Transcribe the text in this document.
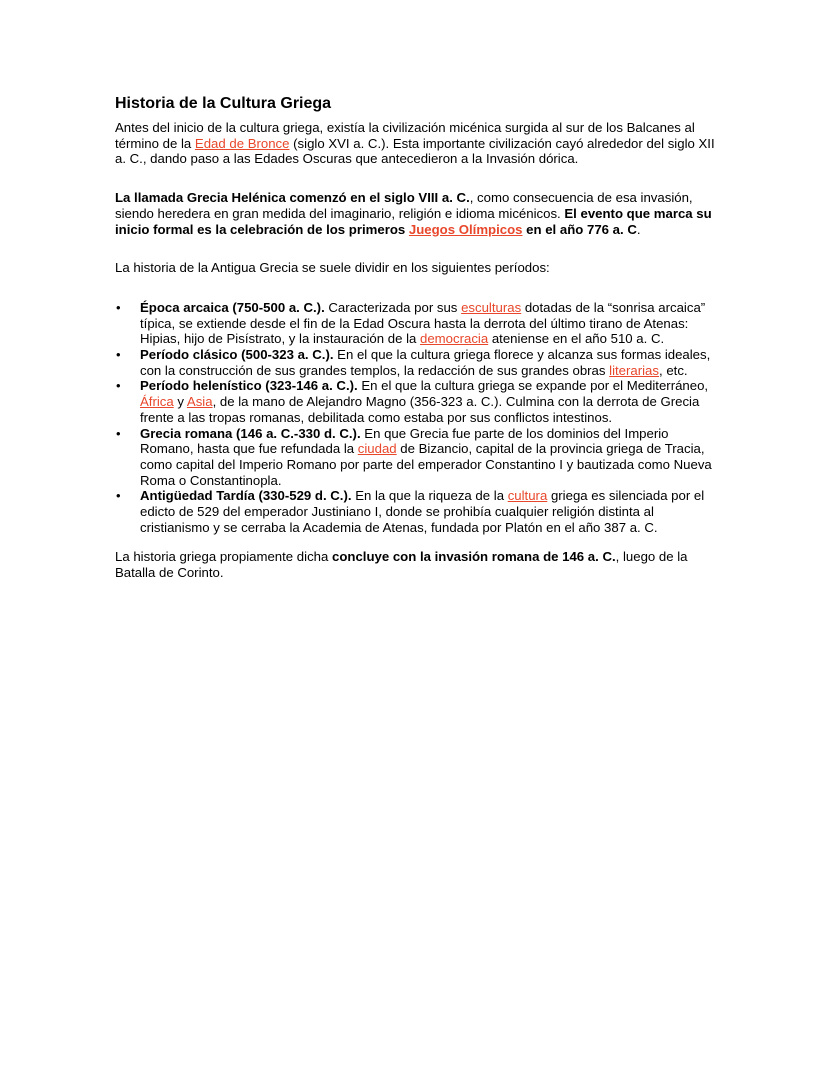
Historia de la Cultura Griega

Antes del inicio de la cultura griega, existía la civilización micénica surgida al sur de los Balcanes al término de la Edad de Bronce (siglo XVI a. C.). Esta importante civilización cayó alrededor del siglo XII a. C., dando paso a las Edades Oscuras que antecedieron a la Invasión dórica.

La llamada Grecia Helénica comenzó en el siglo VIII a. C., como consecuencia de esa invasión, siendo heredera en gran medida del imaginario, religión e idioma micénicos. El evento que marca su inicio formal es la celebración de los primeros Juegos Olímpicos en el año 776 a. C.

La historia de la Antigua Grecia se suele dividir en los siguientes períodos:

• Época arcaica (750-500 a. C.). Caracterizada por sus esculturas dotadas de la “sonrisa arcaica” típica, se extiende desde el fin de la Edad Oscura hasta la derrota del último tirano de Atenas: Hipias, hijo de Pisístrato, y la instauración de la democracia ateniense en el año 510 a. C.
• Período clásico (500-323 a. C.). En el que la cultura griega florece y alcanza sus formas ideales, con la construcción de sus grandes templos, la redacción de sus grandes obras literarias, etc.
• Período helenístico (323-146 a. C.). En el que la cultura griega se expande por el Mediterráneo, África y Asia, de la mano de Alejandro Magno (356-323 a. C.). Culmina con la derrota de Grecia frente a las tropas romanas, debilitada como estaba por sus conflictos intestinos.
• Grecia romana (146 a. C.-330 d. C.). En que Grecia fue parte de los dominios del Imperio Romano, hasta que fue refundada la ciudad de Bizancio, capital de la provincia griega de Tracia, como capital del Imperio Romano por parte del emperador Constantino I y bautizada como Nueva Roma o Constantinopla.
• Antigüedad Tardía (330-529 d. C.). En la que la riqueza de la cultura griega es silenciada por el edicto de 529 del emperador Justiniano I, donde se prohibía cualquier religión distinta al cristianismo y se cerraba la Academia de Atenas, fundada por Platón en el año 387 a. C.

La historia griega propiamente dicha concluye con la invasión romana de 146 a. C., luego de la Batalla de Corinto.
